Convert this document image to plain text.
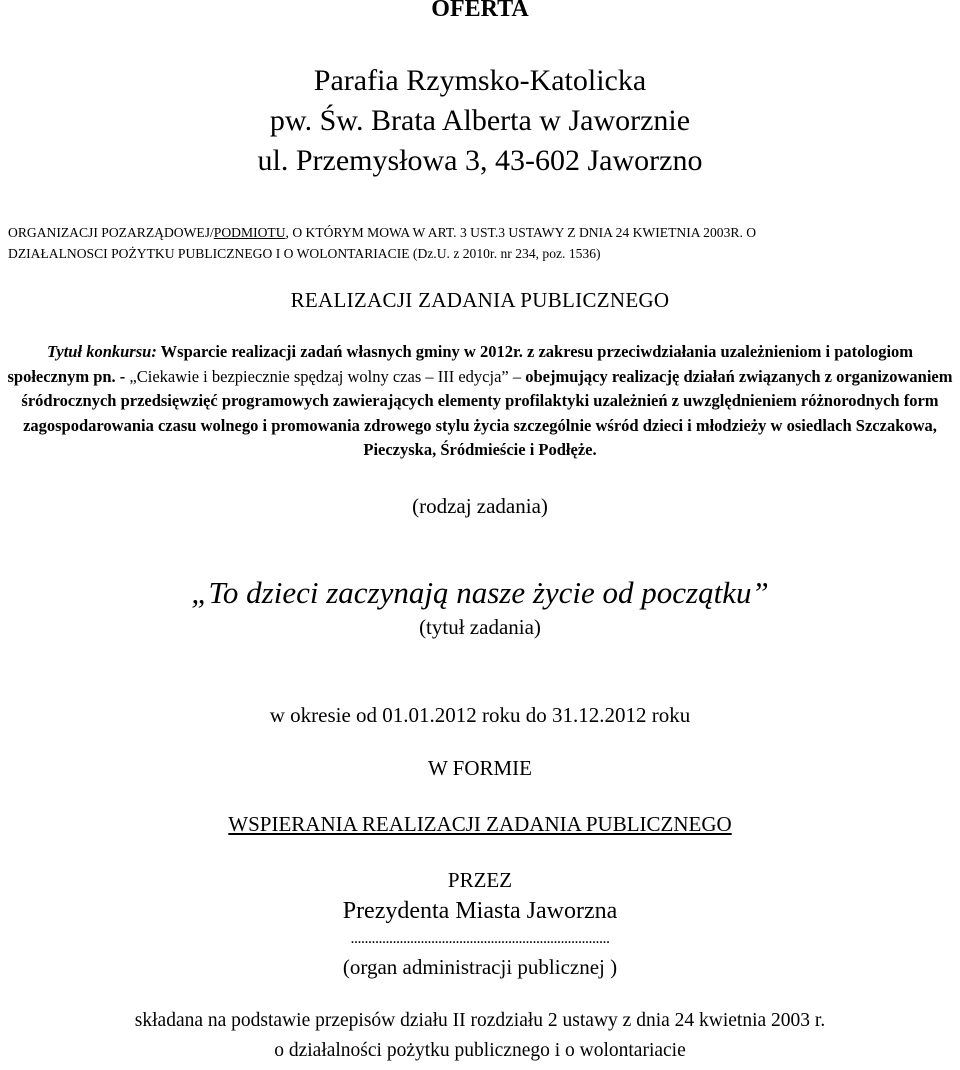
OFERTA
Parafia Rzymsko-Katolicka
pw. Św. Brata Alberta w Jaworznie
ul. Przemysłowa 3, 43-602 Jaworzno
ORGANIZACJI POZARZĄDOWEJ/PODMIOTU, O KTÓRYM MOWA W ART. 3 UST.3 USTAWY Z DNIA 24 KWIETNIA 2003R. O
DZIAŁALNOSCI POŻYTKU PUBLICZNEGO I O WOLONTARIACIE (Dz.U. z 2010r. nr 234, poz. 1536)
REALIZACJI ZADANIA PUBLICZNEGO
Tytuł konkursu: Wsparcie realizacji zadań własnych gminy w 2012r. z zakresu przeciwdziałania uzależnieniom i patologiom społecznym pn. - „Ciekawie i bezpiecznie spędzaj wolny czas – III edycja” – obejmujący realizację działań związanych z organizowaniem śródrocznych przedsięwzięć programowych zawierających elementy profilaktyki uzależnień z uwzględnieniem różnorodnych form zagospodarowania czasu wolnego i promowania zdrowego stylu życia szczególnie wśród dzieci i młodzieży w osiedlach Szczakowa, Pieczyska, Śródmieście i Podłęże.
(rodzaj zadania)
„To dzieci zaczynają nasze życie od początku”
(tytuł zadania)
w okresie od 01.01.2012 roku do 31.12.2012 roku
W FORMIE
WSPIERANIA REALIZACJI ZADANIA PUBLICZNEGO
PRZEZ
Prezydenta Miasta Jaworzna
..........................................................................
(organ administracji publicznej )
składana na podstawie przepisów działu II rozdziału 2 ustawy z dnia 24 kwietnia 2003 r.
o działalności pożytku publicznego i o wolontariacie
